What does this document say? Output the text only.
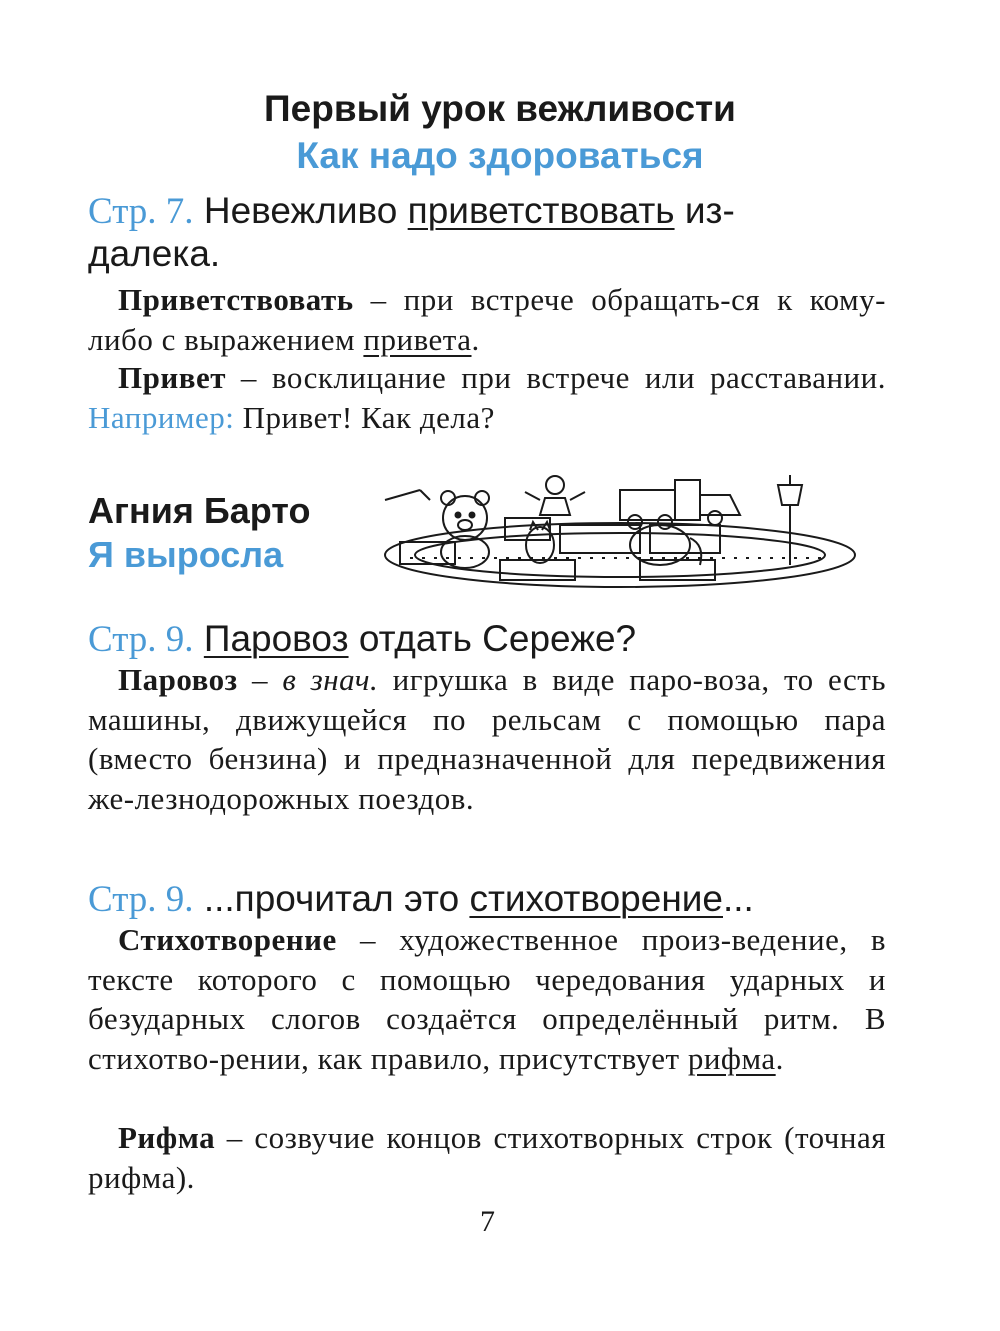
Первый урок вежливости
Как надо здороваться
Стр. 7. Невежливо приветствовать из-
далека.
Приветствовать – при встрече обращать-ся к кому-либо с выражением привета.
Привет – восклицание при встрече или расставании. Например: Привет! Как дела?
Агния Барто
Я выросла
Стр. 9. Паровоз отдать Сереже?
Паровоз – в знач. игрушка в виде паро-воза, то есть машины, движущейся по рельсам с помощью пара (вместо бензина) и предназначенной для передвижения же-лезнодорожных поездов.
Стр. 9. ...прочитал это стихотворение...
Стихотворение – художественное произ-ведение, в тексте которого с помощью чередования ударных и безударных слогов создаётся определённый ритм. В стихотво-рении, как правило, присутствует рифма.
Рифма – созвучие концов стихотворных строк (точная рифма).
7
